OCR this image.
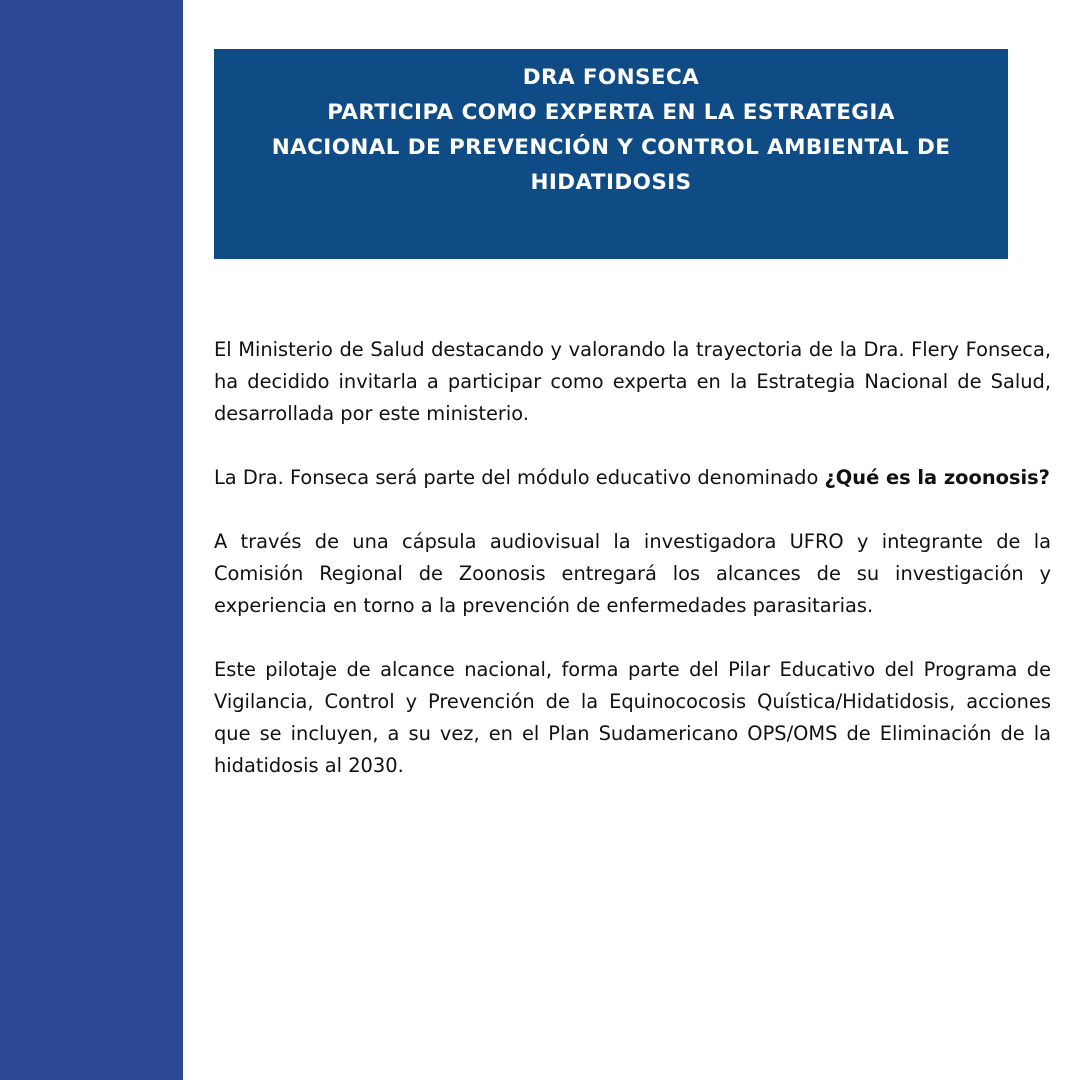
DRA FONSECA
PARTICIPA COMO EXPERTA EN LA ESTRATEGIA
NACIONAL DE PREVENCIÓN Y CONTROL AMBIENTAL DE
HIDATIDOSIS

El Ministerio de Salud destacando y valorando la trayectoria de la Dra. Flery Fonseca, ha decidido invitarla a participar como experta en la Estrategia Nacional de Salud, desarrollada por este ministerio.

La Dra. Fonseca será parte del módulo educativo denominado ¿Qué es la zoonosis?

A través de una cápsula audiovisual la investigadora UFRO y integrante de la Comisión Regional de Zoonosis entregará los alcances de su investigación y experiencia en torno a la prevención de enfermedades parasitarias.

Este pilotaje de alcance nacional, forma parte del Pilar Educativo del Programa de Vigilancia, Control y Prevención de la Equinococosis Quística/Hidatidosis, acciones que se incluyen, a su vez, en el Plan Sudamericano OPS/OMS de Eliminación de la hidatidosis al 2030.
